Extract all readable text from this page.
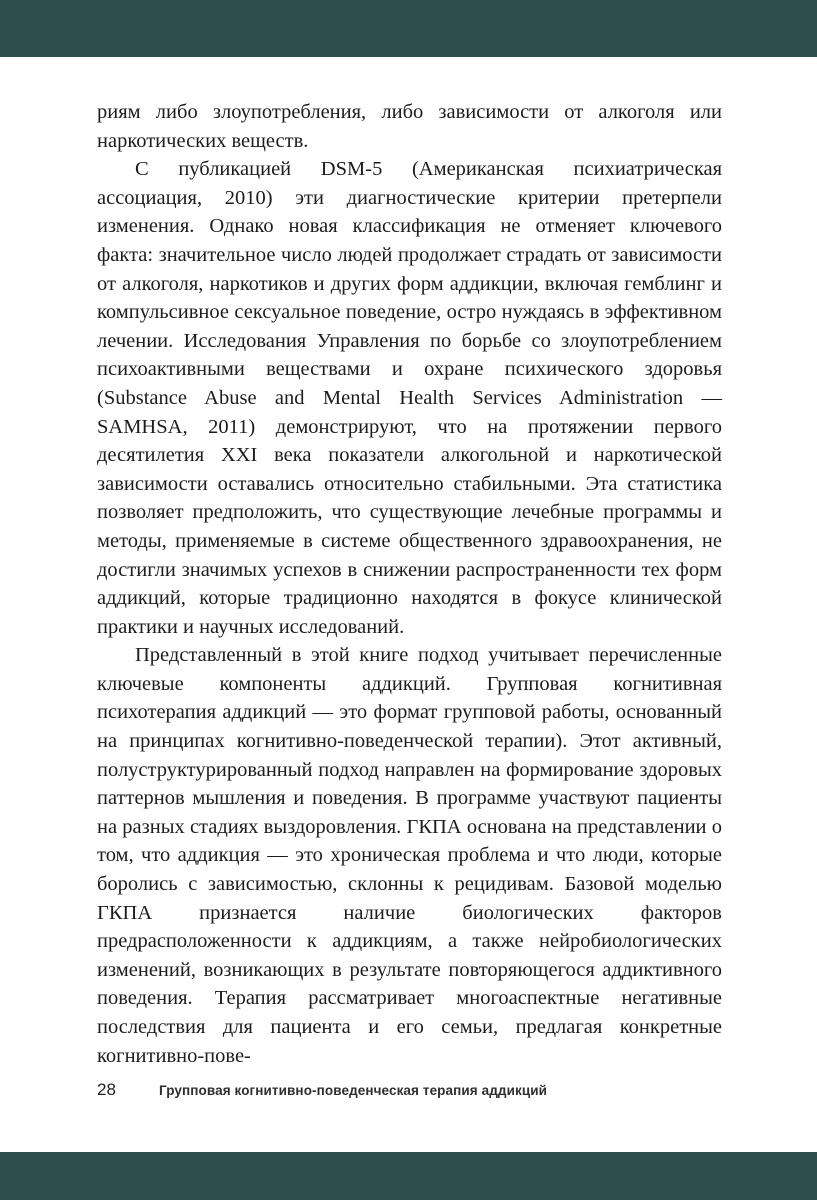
риям либо злоупотребления, либо зависимости от алкоголя или наркотических веществ.

С публикацией DSM-5 (Американская психиатрическая ассоциация, 2010) эти диагностические критерии претерпели изменения. Однако новая классификация не отменяет ключевого факта: значительное число людей продолжает страдать от зависимости от алкоголя, наркотиков и других форм аддикции, включая гемблинг и компульсивное сексуальное поведение, остро нуждаясь в эффективном лечении. Исследования Управления по борьбе со злоупотреблением психоактивными веществами и охране психического здоровья (Substance Abuse and Mental Health Services Administration — SAMHSA, 2011) демонстрируют, что на протяжении первого десятилетия XXI века показатели алкогольной и наркотической зависимости оставались относительно стабильными. Эта статистика позволяет предположить, что существующие лечебные программы и методы, применяемые в системе общественного здравоохранения, не достигли значимых успехов в снижении распространенности тех форм аддикций, которые традиционно находятся в фокусе клинической практики и научных исследований.

Представленный в этой книге подход учитывает перечисленные ключевые компоненты аддикций. Групповая когнитивная психотерапия аддикций — это формат групповой работы, основанный на принципах когнитивно-поведенческой терапии). Этот активный, полуструктурированный подход направлен на формирование здоровых паттернов мышления и поведения. В программе участвуют пациенты на разных стадиях выздоровления. ГКПА основана на представлении о том, что аддикция — это хроническая проблема и что люди, которые боролись с зависимостью, склонны к рецидивам. Базовой моделью ГКПА признается наличие биологических факторов предрасположенности к аддикциям, а также нейробиологических изменений, возникающих в результате повторяющегося аддиктивного поведения. Терапия рассматривает многоаспектные негативные последствия для пациента и его семьи, предлагая конкретные когнитивно-пове-

28	Групповая когнитивно-поведенческая терапия аддикций
